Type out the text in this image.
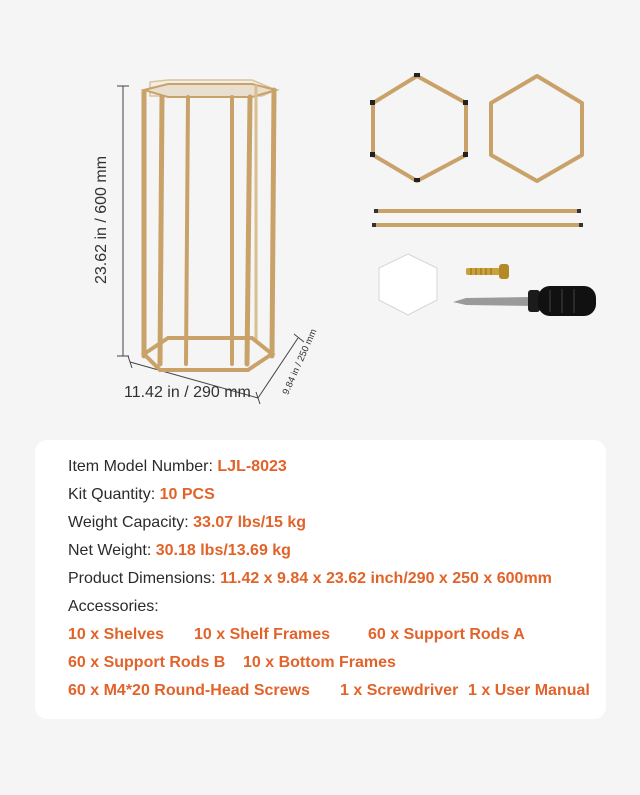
23.62 in / 600 mm
11.42 in / 290 mm	9.84 in / 250 mm
Item Model Number: LJL-8023
Kit Quantity: 10 PCS
Weight Capacity: 33.07 lbs/15 kg
Net Weight: 30.18 lbs/13.69 kg
Product Dimensions: 11.42 x 9.84 x 23.62 inch/290 x 250 x 600mm
Accessories:
10 x Shelves 10 x Shelf Frames 60 x Support Rods A
60 x Support Rods B 10 x Bottom Frames
60 x M4*20 Round-Head Screws 1 x Screwdriver 1 x User Manual
